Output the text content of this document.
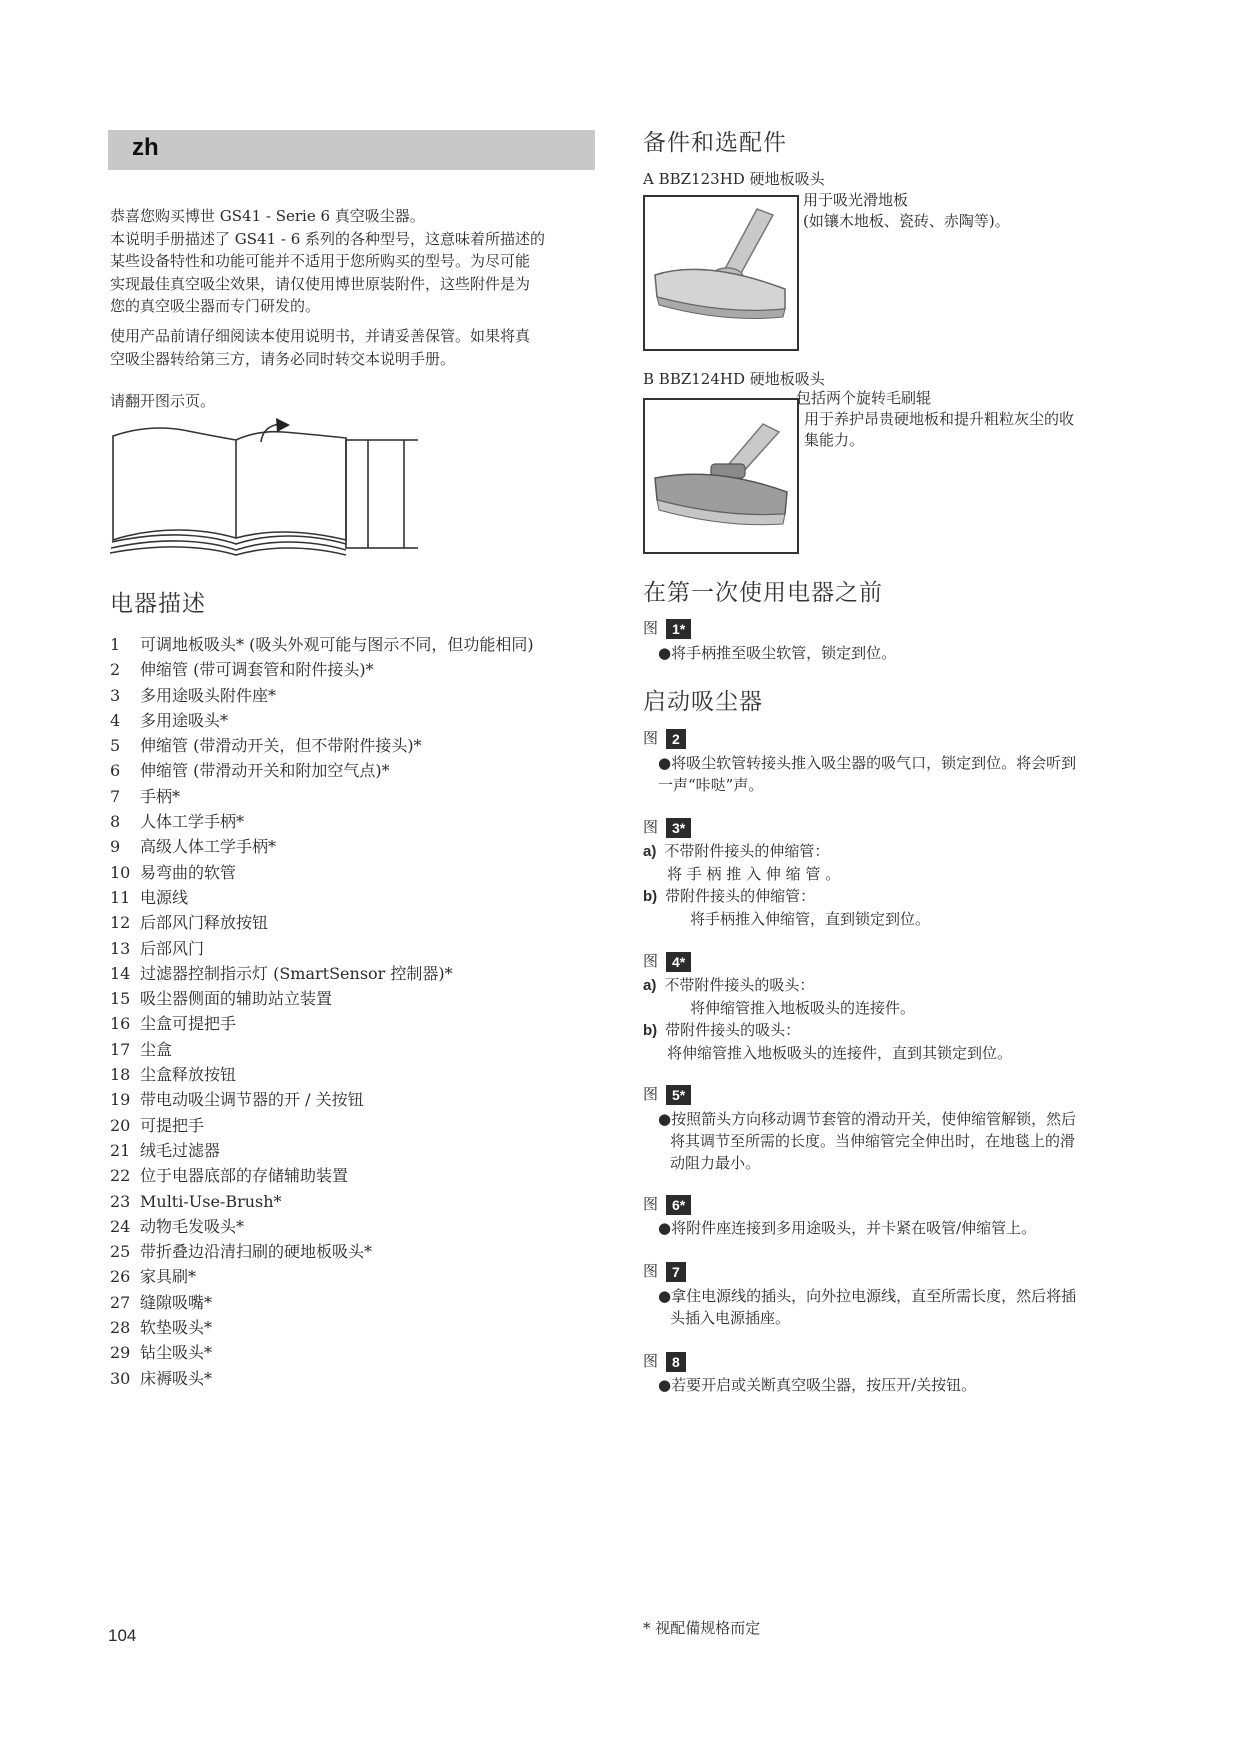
zh
恭喜您购买博世 GS41 - Serie 6 真空吸尘器。
本说明手册描述了 GS41 - 6 系列的各种型号，这意味着所描述的
某些设备特性和功能可能并不适用于您所购买的型号。为尽可能
实现最佳真空吸尘效果，请仅使用博世原装附件，这些附件是为
您的真空吸尘器而专门研发的。
使用产品前请仔细阅读本使用说明书，并请妥善保管。如果将真
空吸尘器转给第三方，请务必同时转交本说明手册。
请翻开图示页。
电器描述
1 可调地板吸头* (吸头外观可能与图示不同，但功能相同)
2 伸缩管 (带可调套管和附件接头)*
3 多用途吸头附件座*
4 多用途吸头*
5 伸缩管 (带滑动开关，但不带附件接头)*
6 伸缩管 (带滑动开关和附加空气点)*
7 手柄*
8 人体工学手柄*
9 高级人体工学手柄*
10 易弯曲的软管
11 电源线
12 后部风门释放按钮
13 后部风门
14 过滤器控制指示灯 (SmartSensor 控制器)*
15 吸尘器侧面的辅助站立装置
16 尘盒可提把手
17 尘盒
18 尘盒释放按钮
19 带电动吸尘调节器的开 / 关按钮
20 可提把手
21 绒毛过滤器
22 位于电器底部的存储辅助装置
23 Multi-Use-Brush*
24 动物毛发吸头*
25 带折叠边沿清扫刷的硬地板吸头*
26 家具刷*
27 缝隙吸嘴*
28 软垫吸头*
29 钻尘吸头*
30 床褥吸头*
备件和选配件
A BBZ123HD 硬地板吸头
用于吸光滑地板
(如镶木地板、瓷砖、赤陶等)。
B BBZ124HD 硬地板吸头
包括两个旋转毛刷辊
用于养护昂贵硬地板和提升粗粒灰尘的收
集能力。
在第一次使用电器之前
图 1*
●将手柄推至吸尘软管，锁定到位。
启动吸尘器
图 2
●将吸尘软管转接头推入吸尘器的吸气口，锁定到位。将会听到
一声“咔哒”声。
图 3*
a) 不带附件接头的伸缩管：
将 手 柄 推 入 伸 缩 管 。
b) 带附件接头的伸缩管：
将手柄推入伸缩管，直到锁定到位。
图 4*
a) 不带附件接头的吸头：
将伸缩管推入地板吸头的连接件。
b) 带附件接头的吸头：
将伸缩管推入地板吸头的连接件，直到其锁定到位。
图 5*
●按照箭头方向移动调节套管的滑动开关，使伸缩管解锁，然后
将其调节至所需的长度。当伸缩管完全伸出时，在地毯上的滑
动阻力最小。
图 6*
●将附件座连接到多用途吸头，并卡紧在吸管/伸缩管上。
图 7
●拿住电源线的插头，向外拉电源线，直至所需长度，然后将插
头插入电源插座。
图 8
●若要开启或关断真空吸尘器，按压开/关按钮。
104	* 视配備规格而定
